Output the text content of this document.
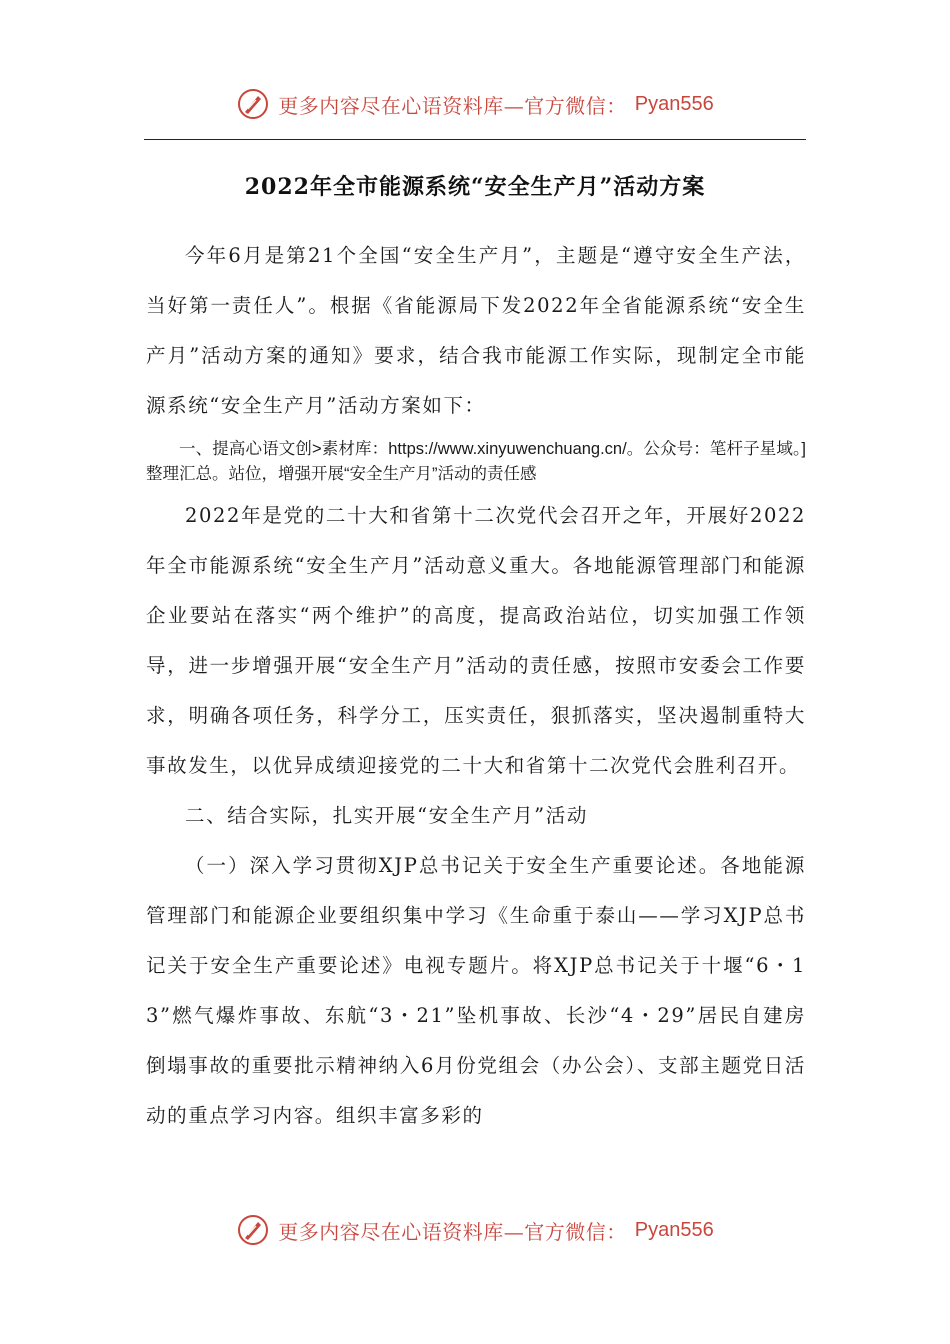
更多内容尽在心语资料库—官方微信： Pyan556
2022年全市能源系统“安全生产月”活动方案

今年6月是第21个全国“安全生产月”，主题是“遵守安全生产法，当好第一责任人”。根据《省能源局下发2022年全省能源系统“安全生产月”活动方案的通知》要求，结合我市能源工作实际，现制定全市能源系统“安全生产月”活动方案如下：

一、提高心语文创>素材库：https://www.xinyuwenchuang.cn/。公众号：笔杆子星域。]整理汇总。站位，增强开展“安全生产月”活动的责任感

2022年是党的二十大和省第十二次党代会召开之年，开展好2022年全市能源系统“安全生产月”活动意义重大。各地能源管理部门和能源企业要站在落实“两个维护”的高度，提高政治站位，切实加强工作领导，进一步增强开展“安全生产月”活动的责任感，按照市安委会工作要求，明确各项任务，科学分工，压实责任，狠抓落实，坚决遏制重特大事故发生，以优异成绩迎接党的二十大和省第十二次党代会胜利召开。

二、结合实际，扎实开展“安全生产月”活动

（一）深入学习贯彻XJP总书记关于安全生产重要论述。各地能源管理部门和能源企业要组织集中学习《生命重于泰山——学习XJP总书记关于安全生产重要论述》电视专题片。将XJP总书记关于十堰“6・13”燃气爆炸事故、东航“3・21”坠机事故、长沙“4・29”居民自建房倒塌事故的重要批示精神纳入6月份党组会（办公会）、支部主题党日活动的重点学习内容。组织丰富多彩的

更多内容尽在心语资料库—官方微信： Pyan556
